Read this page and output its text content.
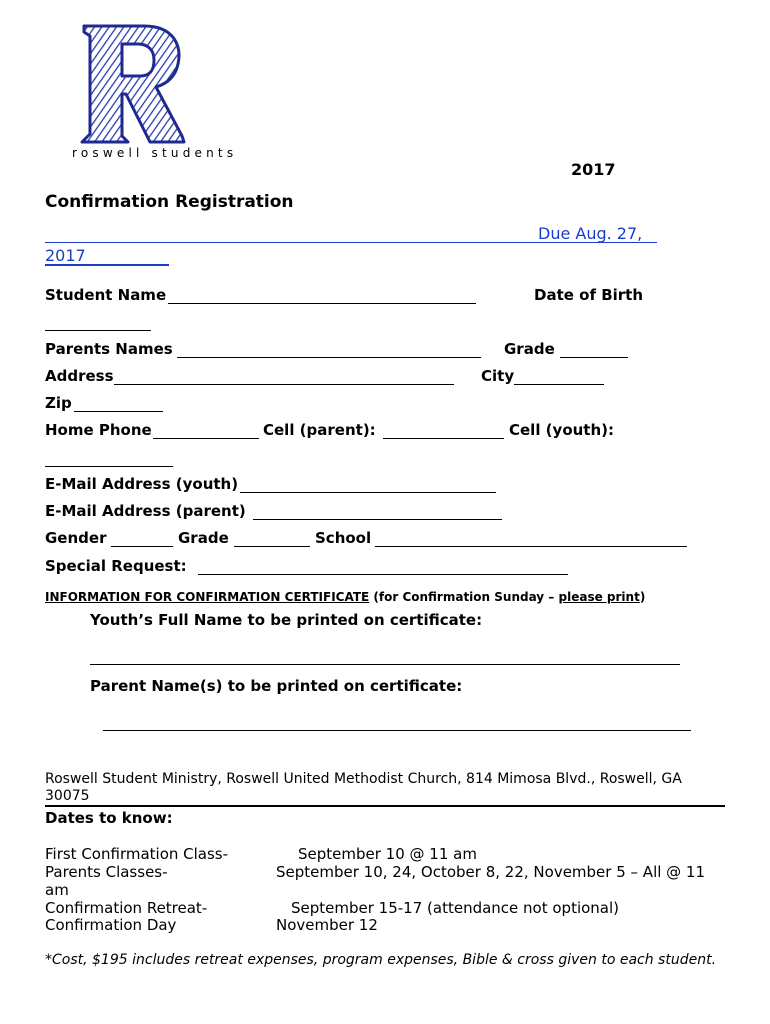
roswell students
2017
Confirmation Registration
Due Aug. 27,
2017
Student Name	Date of Birth
Parents Names	Grade
Address	City
Zip
Home Phone	Cell (parent):	Cell (youth):
E-Mail Address (youth)
E-Mail Address (parent)
Gender	Grade	School
Special Request:
INFORMATION FOR CONFIRMATION CERTIFICATE (for Confirmation Sunday – please print)
Youth’s Full Name to be printed on certificate:
Parent Name(s) to be printed on certificate:
Roswell Student Ministry, Roswell United Methodist Church, 814 Mimosa Blvd., Roswell, GA
30075
Dates to know:
First Confirmation Class-	September 10 @ 11 am
Parents Classes-	September 10, 24, October 8, 22, November 5 – All @ 11
am
Confirmation Retreat-	September 15-17 (attendance not optional)
Confirmation Day	November 12
*Cost, $195 includes retreat expenses, program expenses, Bible & cross given to each student.
